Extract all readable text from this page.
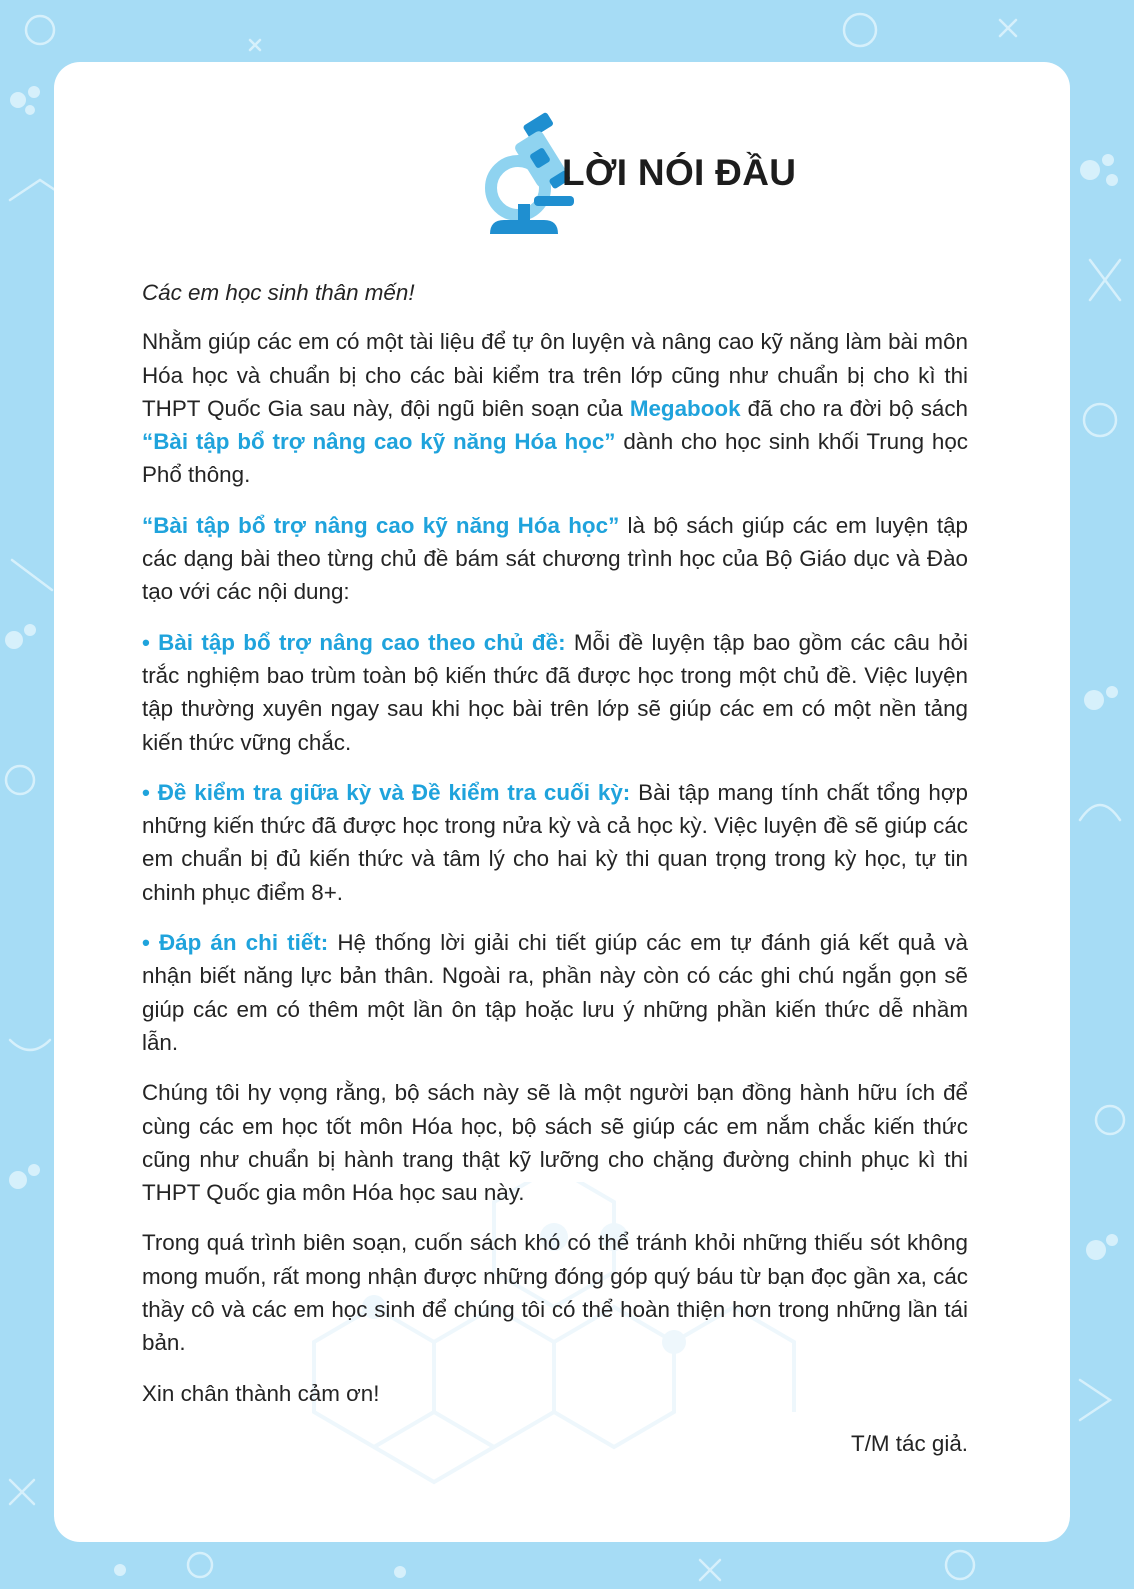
LỜI NÓI ĐẦU

Các em học sinh thân mến!

Nhằm giúp các em có một tài liệu để tự ôn luyện và nâng cao kỹ năng làm bài môn Hóa học và chuẩn bị cho các bài kiểm tra trên lớp cũng như chuẩn bị cho kì thi THPT Quốc Gia sau này, đội ngũ biên soạn của Megabook đã cho ra đời bộ sách “Bài tập bổ trợ nâng cao kỹ năng Hóa học” dành cho học sinh khối Trung học Phổ thông.

“Bài tập bổ trợ nâng cao kỹ năng Hóa học” là bộ sách giúp các em luyện tập các dạng bài theo từng chủ đề bám sát chương trình học của Bộ Giáo dục và Đào tạo với các nội dung:

• Bài tập bổ trợ nâng cao theo chủ đề: Mỗi đề luyện tập bao gồm các câu hỏi trắc nghiệm bao trùm toàn bộ kiến thức đã được học trong một chủ đề. Việc luyện tập thường xuyên ngay sau khi học bài trên lớp sẽ giúp các em có một nền tảng kiến thức vững chắc.

• Đề kiểm tra giữa kỳ và Đề kiểm tra cuối kỳ: Bài tập mang tính chất tổng hợp những kiến thức đã được học trong nửa kỳ và cả học kỳ. Việc luyện đề sẽ giúp các em chuẩn bị đủ kiến thức và tâm lý cho hai kỳ thi quan trọng trong kỳ học, tự tin chinh phục điểm 8+.

• Đáp án chi tiết: Hệ thống lời giải chi tiết giúp các em tự đánh giá kết quả và nhận biết năng lực bản thân. Ngoài ra, phần này còn có các ghi chú ngắn gọn sẽ giúp các em có thêm một lần ôn tập hoặc lưu ý những phần kiến thức dễ nhầm lẫn.

Chúng tôi hy vọng rằng, bộ sách này sẽ là một người bạn đồng hành hữu ích để cùng các em học tốt môn Hóa học, bộ sách sẽ giúp các em nắm chắc kiến thức cũng như chuẩn bị hành trang thật kỹ lưỡng cho chặng đường chinh phục kì thi THPT Quốc gia môn Hóa học sau này.

Trong quá trình biên soạn, cuốn sách khó có thể tránh khỏi những thiếu sót không mong muốn, rất mong nhận được những đóng góp quý báu từ bạn đọc gần xa, các thầy cô và các em học sinh để chúng tôi có thể hoàn thiện hơn trong những lần tái bản.

Xin chân thành cảm ơn!

T/M tác giả.
